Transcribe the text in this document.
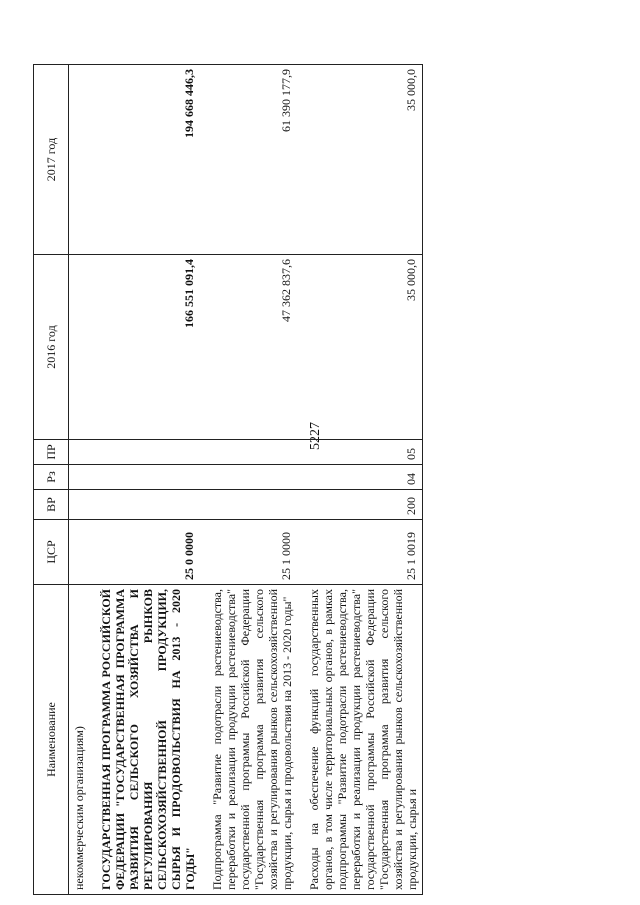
5227
Наименование	ЦСР	ВР	Рз	ПР	2016 год	2017 год
некоммерческим организациям)						
ГОСУДАРСТВЕННАЯ ПРОГРАММА РОССИЙСКОЙ ФЕДЕРАЦИИ "ГОСУДАРСТВЕННАЯ ПРОГРАММА РАЗВИТИЯ СЕЛЬСКОГО ХОЗЯЙСТВА И РЕГУЛИРОВАНИЯ РЫНКОВ СЕЛЬСКОХОЗЯЙСТВЕННОЙ ПРОДУКЦИИ, СЫРЬЯ И ПРОДОВОЛЬСТВИЯ НА 2013 - 2020 ГОДЫ"	25 0 0000				166 551 091,4	194 668 446,3
Подпрограмма "Развитие подотрасли растениеводства, переработки и реализации продукции растениеводства" государственной программы Российской Федерации "Государственная программа развития сельского хозяйства и регулирования рынков сельскохозяйственной продукции, сырья и продовольствия на 2013 - 2020 годы"	25 1 0000				47 362 837,6	61 390 177,9
Расходы на обеспечение функций государственных органов, в том числе территориальных органов, в рамках подпрограммы "Развитие подотрасли растениеводства, переработки и реализации продукции растениеводства" государственной программы Российской Федерации "Государственная программа развития сельского хозяйства и регулирования рынков сельскохозяйственной продукции, сырья и	25 1 0019	200	04	05	35 000,0	35 000,0
